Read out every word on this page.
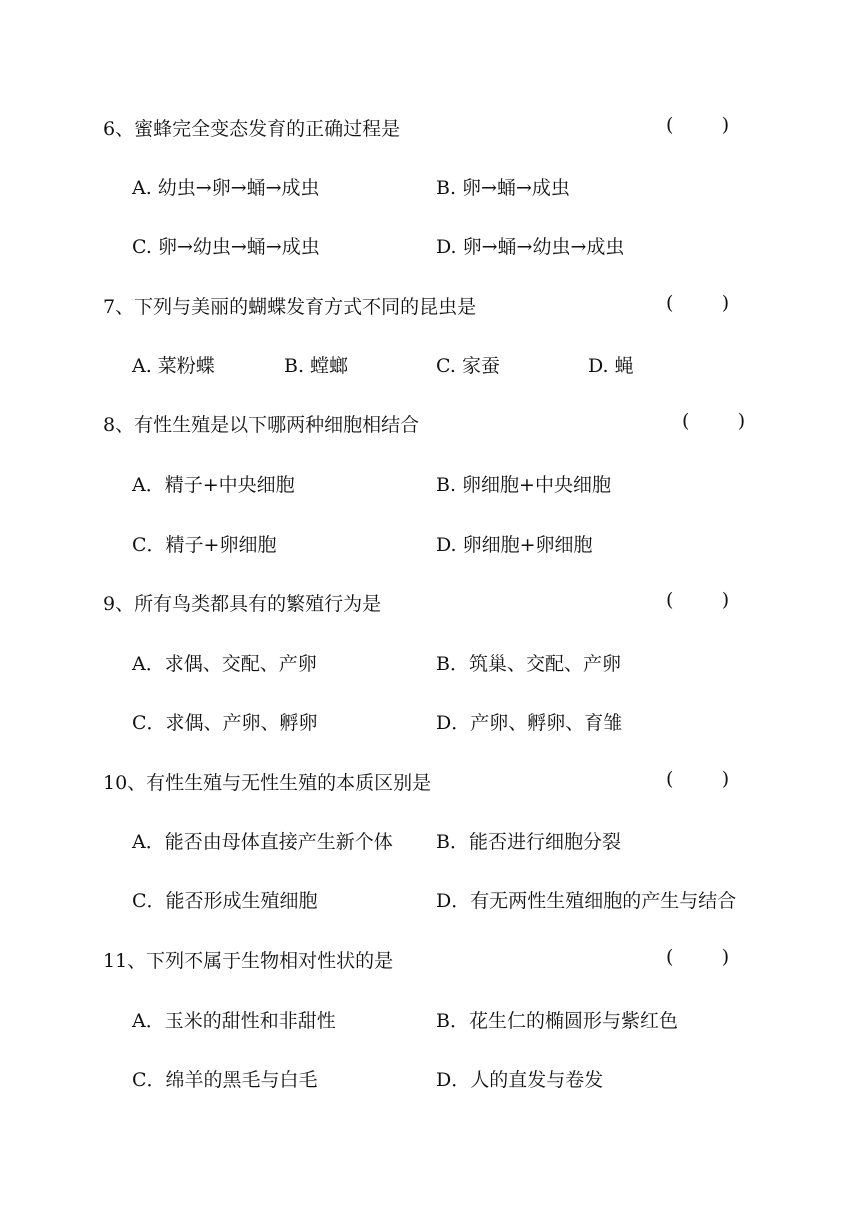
6、蜜蜂完全变态发育的正确过程是	(        )
A. 幼虫→卵→蛹→成虫	B. 卵→蛹→成虫
C. 卵→幼虫→蛹→成虫	D. 卵→蛹→幼虫→成虫
7、下列与美丽的蝴蝶发育方式不同的昆虫是	(        )
A. 菜粉蝶	B. 螳螂	C. 家蚕	D. 蝇
8、有性生殖是以下哪两种细胞相结合	(        )
A．精子+中央细胞	B. 卵细胞+中央细胞
C．精子+卵细胞	D. 卵细胞+卵细胞
9、所有鸟类都具有的繁殖行为是	(        )
A．求偶、交配、产卵	B．筑巢、交配、产卵
C．求偶、产卵、孵卵	D．产卵、孵卵、育雏
10、有性生殖与无性生殖的本质区别是	(        )
A．能否由母体直接产生新个体 B．能否进行细胞分裂
C．能否形成生殖细胞	D．有无两性生殖细胞的产生与结合
11、下列不属于生物相对性状的是	(        )
A．玉米的甜性和非甜性	B．花生仁的椭圆形与紫红色
C．绵羊的黑毛与白毛	D．人的直发与卷发
